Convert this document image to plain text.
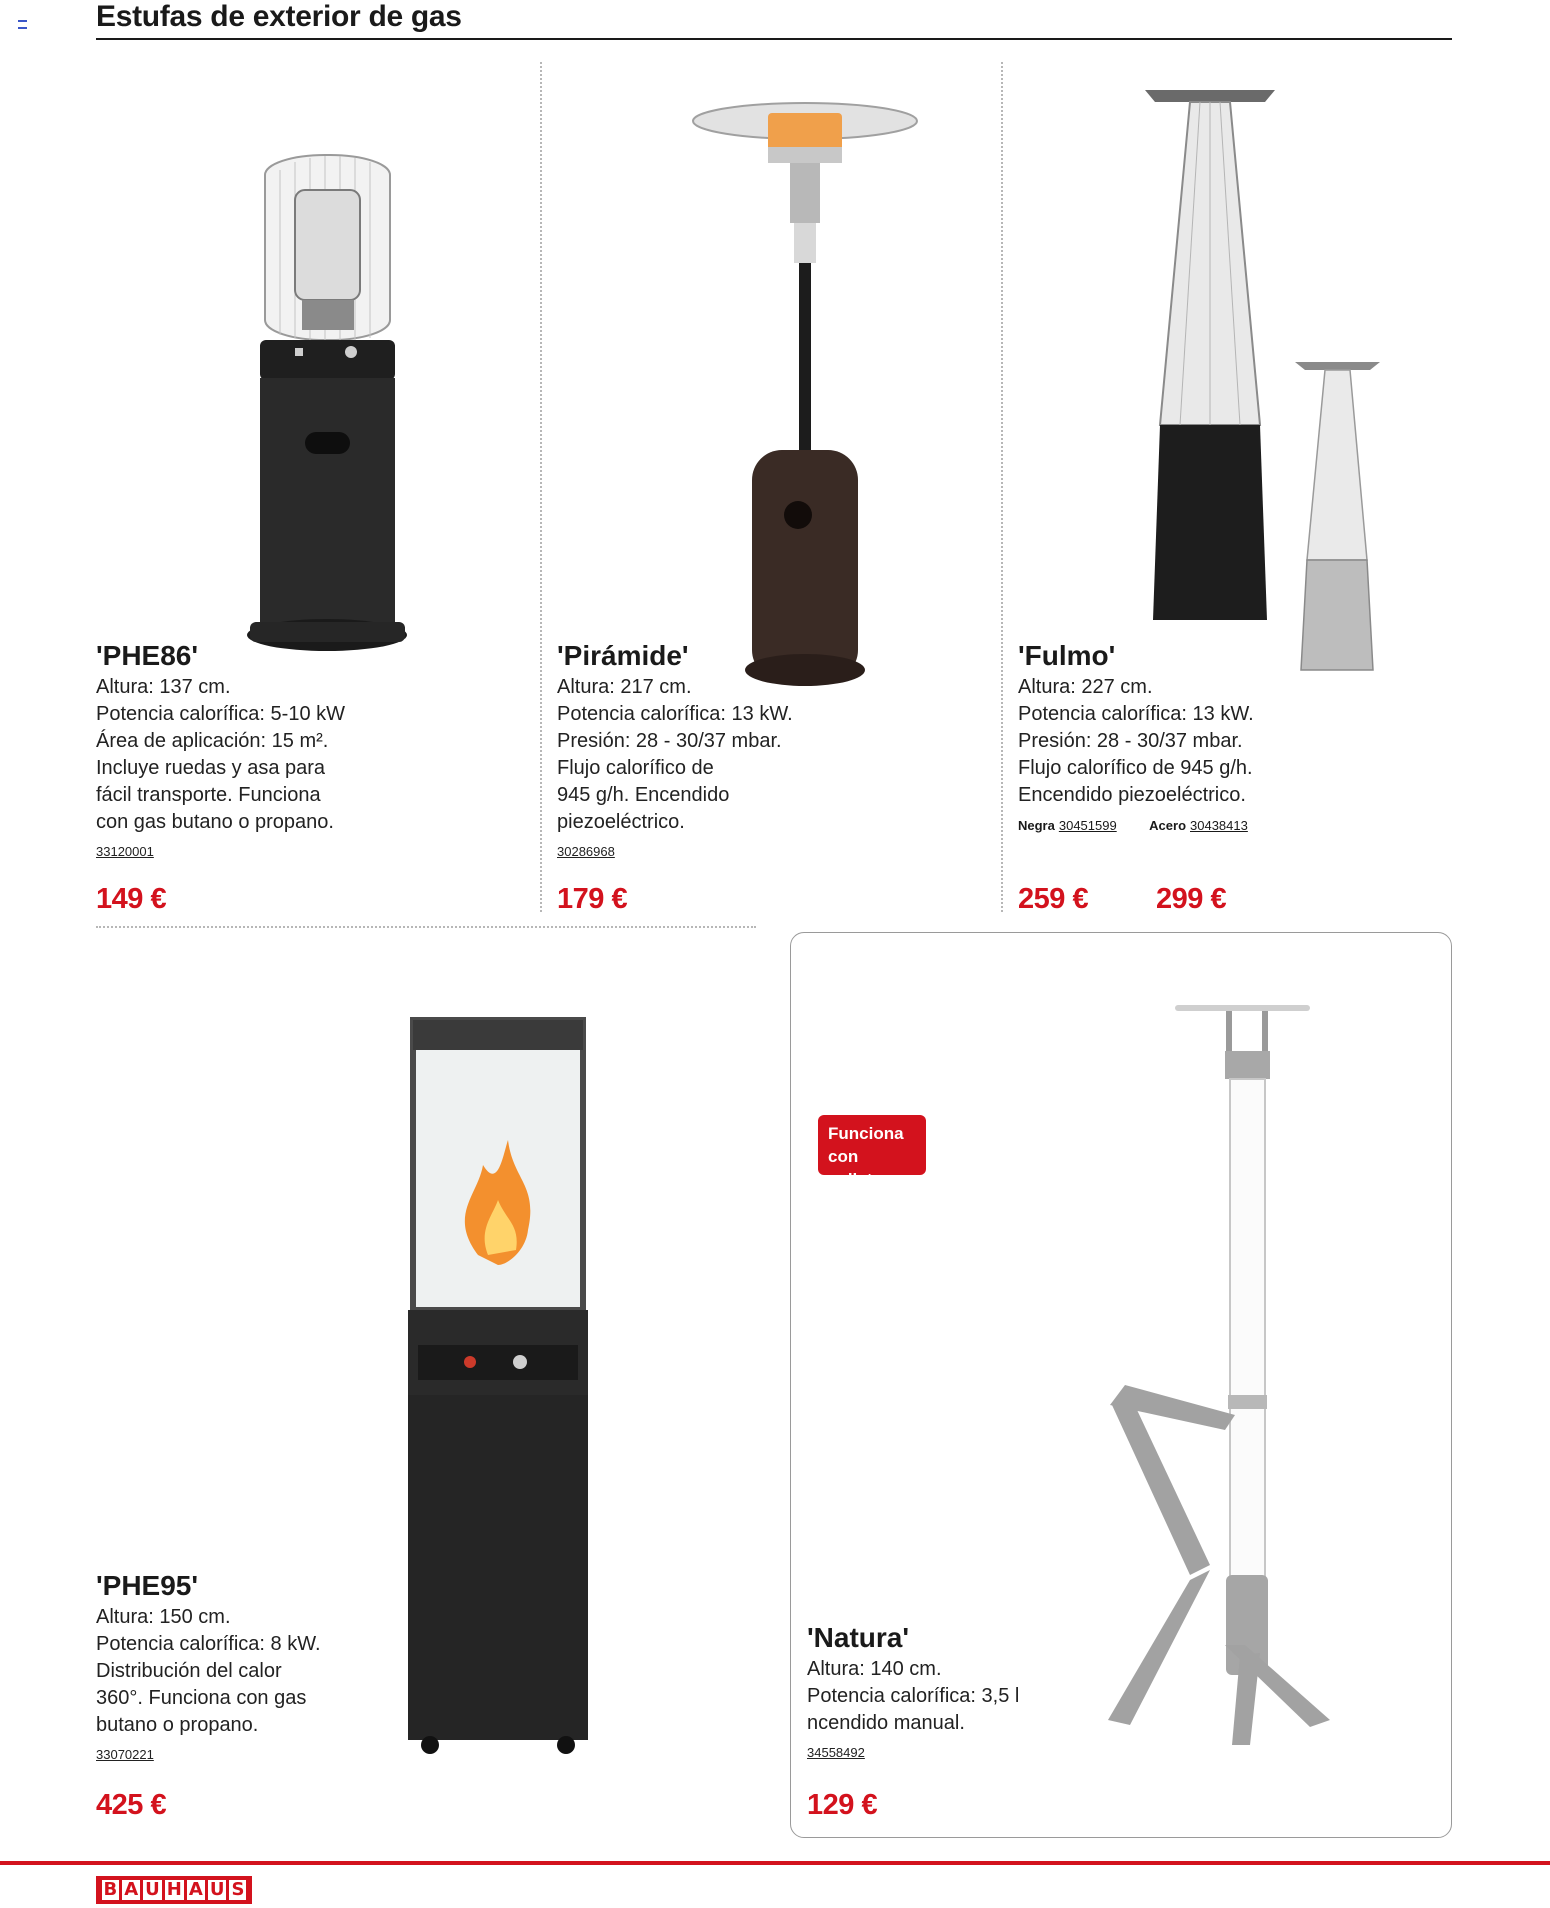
Estufas de exterior de gas
'PHE86'
Altura: 137 cm.
Potencia calorífica: 5-10 kW
Área de aplicación: 15 m².
Incluye ruedas y asa para
fácil transporte. Funciona
con gas butano o propano.
33120001
149 €
'Pirámide'
Altura: 217 cm.
Potencia calorífica: 13 kW.
Presión: 28 - 30/37 mbar.
Flujo calorífico de
945 g/h. Encendido
piezoeléctrico.
30286968
179 €
'Fulmo'
Altura: 227 cm.
Potencia calorífica: 13 kW.
Presión: 28 - 30/37 mbar.
Flujo calorífico de 945 g/h.
Encendido piezoeléctrico.
Negra 30451599 Acero 30438413
259 € 299 €
'PHE95'
Altura: 150 cm.
Potencia calorífica: 8 kW.
Distribución del calor
360°. Funciona con gas
butano o propano.
33070221
425 €
Funciona
con pellets
'Natura'
Altura: 140 cm.
Potencia calorífica: 3,5 l
ncendido manual.
34558492
129 €
B A U H A U S
